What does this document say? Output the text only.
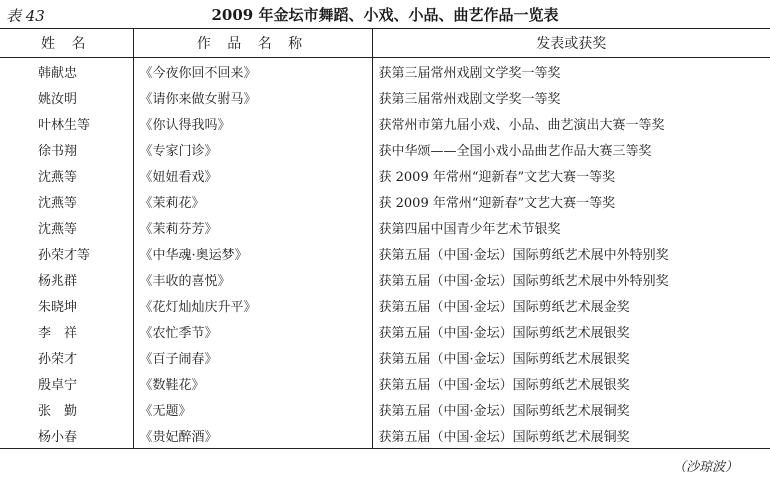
表 43	2009 年金坛市舞蹈、小戏、小品、曲艺作品一览表
姓 名	作 品 名 称	发表或获奖
韩献忠	《今夜你回不回来》	获第三届常州戏剧文学奖一等奖
姚汝明	《请你来做女驸马》	获第三届常州戏剧文学奖一等奖
叶林生等	《你认得我吗》	获常州市第九届小戏、小品、曲艺演出大赛一等奖
徐书翔	《专家门诊》	获中华颂——全国小戏小品曲艺作品大赛三等奖
沈燕等	《妞妞看戏》	获 2009 年常州“迎新春”文艺大赛一等奖
沈燕等	《茉莉花》	获 2009 年常州“迎新春”文艺大赛一等奖
沈燕等	《茉莉芬芳》	获第四届中国青少年艺术节银奖
孙荣才等	《中华魂·奥运梦》	获第五届（中国·金坛）国际剪纸艺术展中外特别奖
杨兆群	《丰收的喜悦》	获第五届（中国·金坛）国际剪纸艺术展中外特别奖
朱晓坤	《花灯灿灿庆升平》	获第五届（中国·金坛）国际剪纸艺术展金奖
李　祥	《农忙季节》	获第五届（中国·金坛）国际剪纸艺术展银奖
孙荣才	《百子闹春》	获第五届（中国·金坛）国际剪纸艺术展银奖
殷卓宁	《数鞋花》	获第五届（中国·金坛）国际剪纸艺术展银奖
张　勤	《无题》	获第五届（中国·金坛）国际剪纸艺术展铜奖
杨小春	《贵妃醉酒》	获第五届（中国·金坛）国际剪纸艺术展铜奖
（沙琼波）
